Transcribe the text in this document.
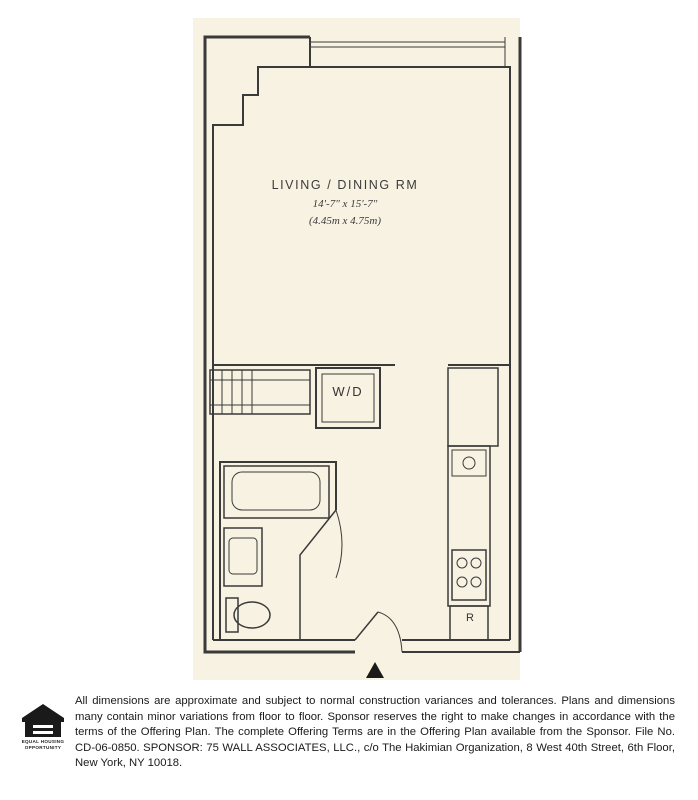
LIVING / DINING RM
14'-7" x 15'-7"
(4.45m x 4.75m)
W/D
R
EQUAL HOUSING
OPPORTUNITY
All dimensions are approximate and subject to normal construction variances and tolerances. Plans and dimensions many contain minor variations from floor to floor. Sponsor reserves the right to make changes in accordance with the terms of the Offering Plan. The complete Offering Terms are in the Offering Plan available from the Sponsor. File No. CD-06-0850. SPONSOR: 75 WALL ASSOCIATES, LLC., c/o The Hakimian Organization, 8 West 40th Street, 6th Floor, New York, NY 10018.
